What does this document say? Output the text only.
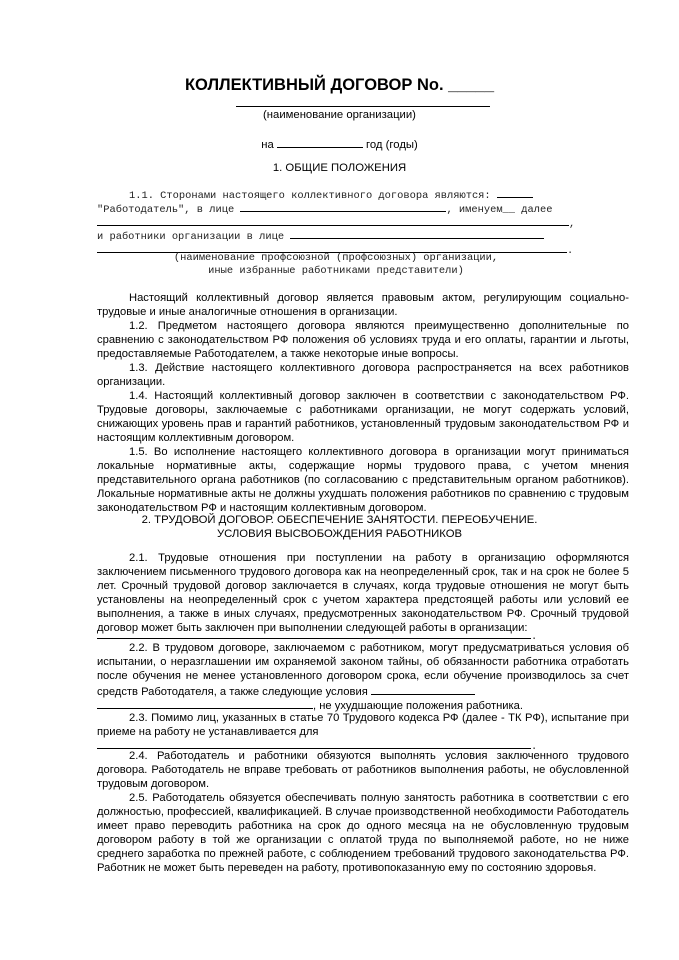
КОЛЛЕКТИВНЫЙ ДОГОВОР No. _____
(наименование организации)
на	год (годы)
1. ОБЩИЕ ПОЛОЖЕНИЯ
1.1. Сторонами настоящего коллективного договора являются:
"Работодатель", в лице	, именуем__ далее
,
и работники организации в лице
.
(наименование профсоюзной (профсоюзных) организации,
иные избранные работниками представители)
Настоящий коллективный договор является правовым актом, регулирующим социально-трудовые и иные аналогичные отношения в организации.
1.2. Предметом настоящего договора являются преимущественно дополнительные по сравнению с законодательством РФ положения об условиях труда и его оплаты, гарантии и льготы, предоставляемые Работодателем, а также некоторые иные вопросы.
1.3. Действие настоящего коллективного договора распространяется на всех работников организации.
1.4. Настоящий коллективный договор заключен в соответствии с законодательством РФ. Трудовые договоры, заключаемые с работниками организации, не могут содержать условий, снижающих уровень прав и гарантий работников, установленный трудовым законодательством РФ и настоящим коллективным договором.
1.5. Во исполнение настоящего коллективного договора в организации могут приниматься локальные нормативные акты, содержащие нормы трудового права, с учетом мнения представительного органа работников (по согласованию с представительным органом работников). Локальные нормативные акты не должны ухудшать положения работников по сравнению с трудовым законодательством РФ и настоящим коллективным договором.
2. ТРУДОВОЙ ДОГОВОР. ОБЕСПЕЧЕНИЕ ЗАНЯТОСТИ. ПЕРЕОБУЧЕНИЕ.
УСЛОВИЯ ВЫСВОБОЖДЕНИЯ РАБОТНИКОВ
2.1. Трудовые отношения при поступлении на работу в организацию оформляются заключением письменного трудового договора как на неопределенный срок, так и на срок не более 5 лет. Срочный трудовой договор заключается в случаях, когда трудовые отношения не могут быть установлены на неопределенный срок с учетом характера предстоящей работы или условий ее выполнения, а также в иных случаях, предусмотренных законодательством РФ. Срочный трудовой договор может быть заключен при выполнении следующей работы в организации:
.
2.2. В трудовом договоре, заключаемом с работником, могут предусматриваться условия об испытании, о неразглашении им охраняемой законом тайны, об обязанности работника отработать после обучения не менее установленного договором срока, если обучение производилось за счет средств Работодателя, а также следующие условия
, не ухудшающие положения работника.
2.3. Помимо лиц, указанных в статье 70 Трудового кодекса РФ (далее - ТК РФ), испытание при приеме на работу не устанавливается для
.
2.4. Работодатель и работники обязуются выполнять условия заключенного трудового договора. Работодатель не вправе требовать от работников выполнения работы, не обусловленной трудовым договором.
2.5. Работодатель обязуется обеспечивать полную занятость работника в соответствии с его должностью, профессией, квалификацией. В случае производственной необходимости Работодатель имеет право переводить работника на срок до одного месяца на не обусловленную трудовым договором работу в той же организации с оплатой труда по выполняемой работе, но не ниже среднего заработка по прежней работе, с соблюдением требований трудового законодательства РФ. Работник не может быть переведен на работу, противопоказанную ему по состоянию здоровья.
